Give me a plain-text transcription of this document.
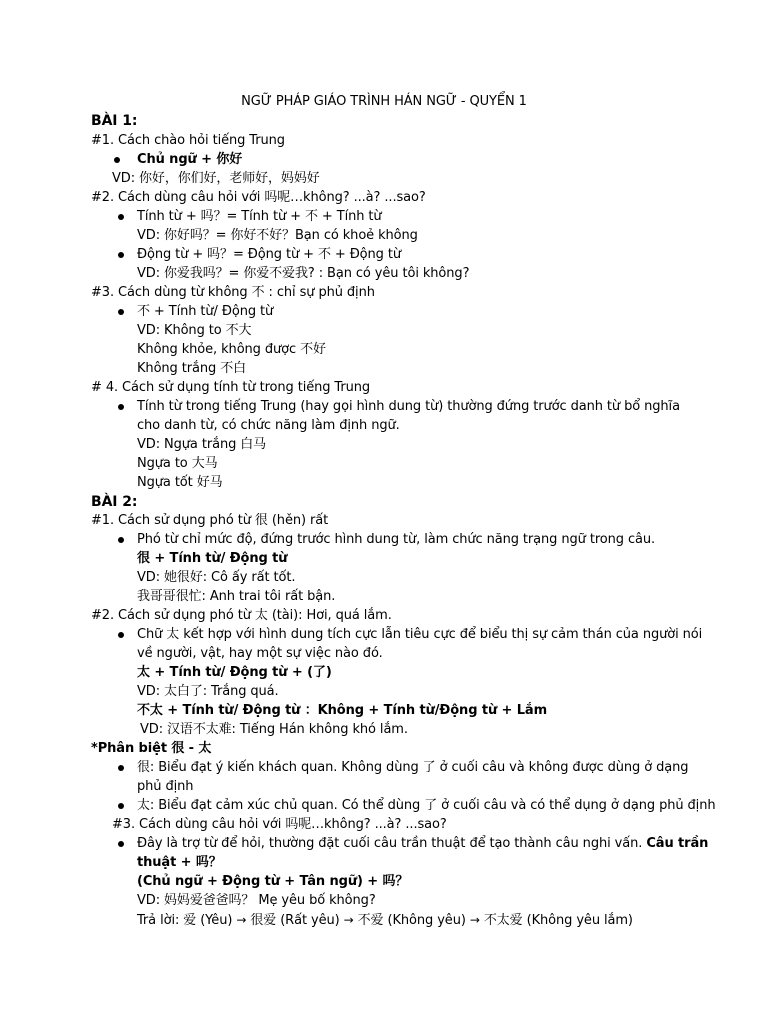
NGỮ PHÁP GIÁO TRÌNH HÁN NGỮ - QUYỂN 1
BÀI 1:
#1. Cách chào hỏi tiếng Trung
Chủ ngữ + 你好
VD: 你好，你们好，老师好，妈妈好
#2. Cách dùng câu hỏi với 吗呢…không? ...à? ...sao?
Tính từ + 吗？= Tính từ + 不 + Tính từ
VD: 你好吗？= 你好不好？Bạn có khoẻ không
Động từ + 吗？= Động từ + 不 + Động từ
VD: 你爱我吗？= 你爱不爱我? : Bạn có yêu tôi không?
#3. Cách dùng từ không 不 : chỉ sự phủ định
不 + Tính từ/ Động từ
VD: Không to 不大
Không khỏe, không được 不好
Không trắng 不白
# 4. Cách sử dụng tính từ trong tiếng Trung
Tính từ trong tiếng Trung (hay gọi hình dung từ) thường đứng trước danh từ bổ nghĩa
cho danh từ, có chức năng làm định ngữ.
VD: Ngựa trắng 白马
Ngựa to 大马
Ngựa tốt 好马
BÀI 2:
#1. Cách sử dụng phó từ 很 (hěn) rất
Phó từ chỉ mức độ, đứng trước hình dung từ, làm chức năng trạng ngữ trong câu.
很 + Tính từ/ Động từ
VD: 她很好: Cô ấy rất tốt.
我哥哥很忙: Anh trai tôi rất bận.
#2. Cách sử dụng phó từ 太 (tài): Hơi, quá lắm.
Chữ 太 kết hợp với hình dung tích cực lẫn tiêu cực để biểu thị sự cảm thán của người nói
về người, vật, hay một sự việc nào đó.
太 + Tính từ/ Động từ + (了)
VD: 太白了: Trắng quá.
不太 + Tính từ/ Động từ ：Không + Tính từ/Động từ + Lắm
VD: 汉语不太难: Tiếng Hán không khó lắm.
*Phân biệt 很 - 太
很: Biểu đạt ý kiến khách quan. Không dùng 了 ở cuối câu và không được dùng ở dạng
phủ định
太: Biểu đạt cảm xúc chủ quan. Có thể dùng 了 ở cuối câu và có thể dụng ở dạng phủ định
#3. Cách dùng câu hỏi với 吗呢…không? ...à? ...sao?
Đây là trợ từ để hỏi, thường đặt cuối câu trần thuật để tạo thành câu nghi vấn. Câu trần
thuật + 吗？
(Chủ ngữ + Động từ + Tân ngữ) + 吗？
VD: 妈妈爱爸爸吗？ Mẹ yêu bố không?
Trả lời: 爱 (Yêu) → 很爱 (Rất yêu) → 不爱 (Không yêu) → 不太爱 (Không yêu lắm)
